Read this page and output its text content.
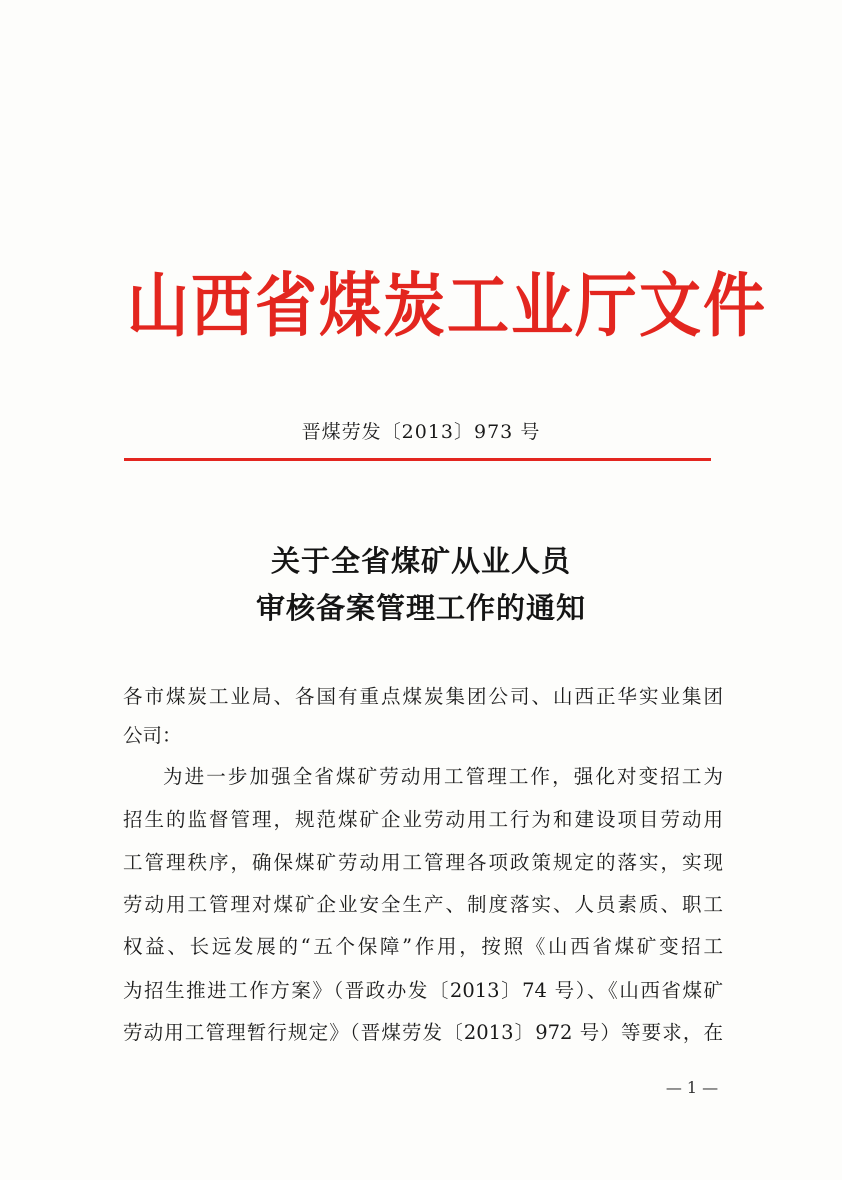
山西省煤炭工业厅文件
晋煤劳发〔2013〕973 号
关于全省煤矿从业人员
审核备案管理工作的通知
各市煤炭工业局、各国有重点煤炭集团公司、山西正华实业集团
公司：
为进一步加强全省煤矿劳动用工管理工作，强化对变招工为
招生的监督管理，规范煤矿企业劳动用工行为和建设项目劳动用
工管理秩序，确保煤矿劳动用工管理各项政策规定的落实，实现
劳动用工管理对煤矿企业安全生产、制度落实、人员素质、职工
权益、长远发展的“五个保障”作用，按照《山西省煤矿变招工
为招生推进工作方案》（晋政办发〔2013〕74 号）、《山西省煤矿
劳动用工管理暂行规定》（晋煤劳发〔2013〕972 号）等要求，在
— 1 —
